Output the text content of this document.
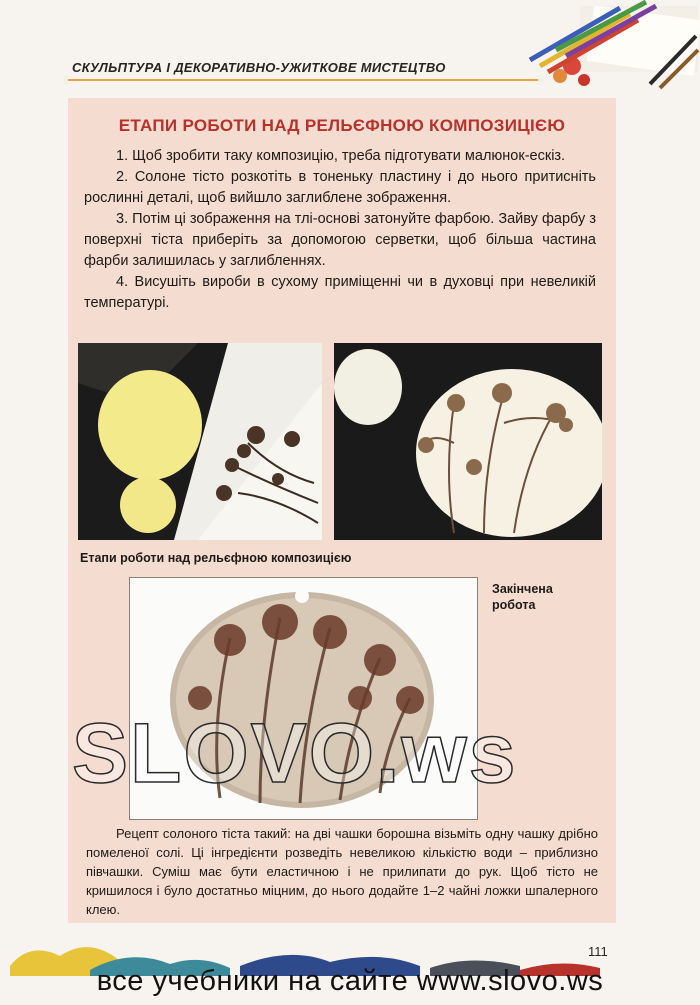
СКУЛЬПТУРА І ДЕКОРАТИВНО-УЖИТКОВЕ МИСТЕЦТВО
ЕТАПИ РОБОТИ НАД РЕЛЬЄФНОЮ КОМПОЗИЦІЄЮ

1. Щоб зробити таку композицію, треба підготувати малюнок-ескіз.

2. Солоне тісто розкотіть в тоненьку пластину і до нього притисніть рослинні деталі, щоб вийшло заглиблене зображення.

3. Потім ці зображення на тлі-основі затонуйте фарбою. Зайву фарбу з поверхні тіста приберіть за допомогою серветки, щоб більша частина фарби залишилась у заглибленнях.

4. Висушіть вироби в сухому приміщенні чи в духовці при невеликій температурі.

Етапи роботи над рельєфною композицією
Закінчена робота

Рецепт солоного тіста такий: на дві чашки борошна візьміть одну чашку дрібно помеленої солі. Ці інгредієнти розведіть невеликою кількістю води – приблизно півчашки. Суміш має бути еластичною і не прилипати до рук. Щоб тісто не кришилося і було достатньо міцним, до нього додайте 1–2 чайні ложки шпалерного клею.

111
SLOVO.ws
все учебники на сайте www.slovo.ws
